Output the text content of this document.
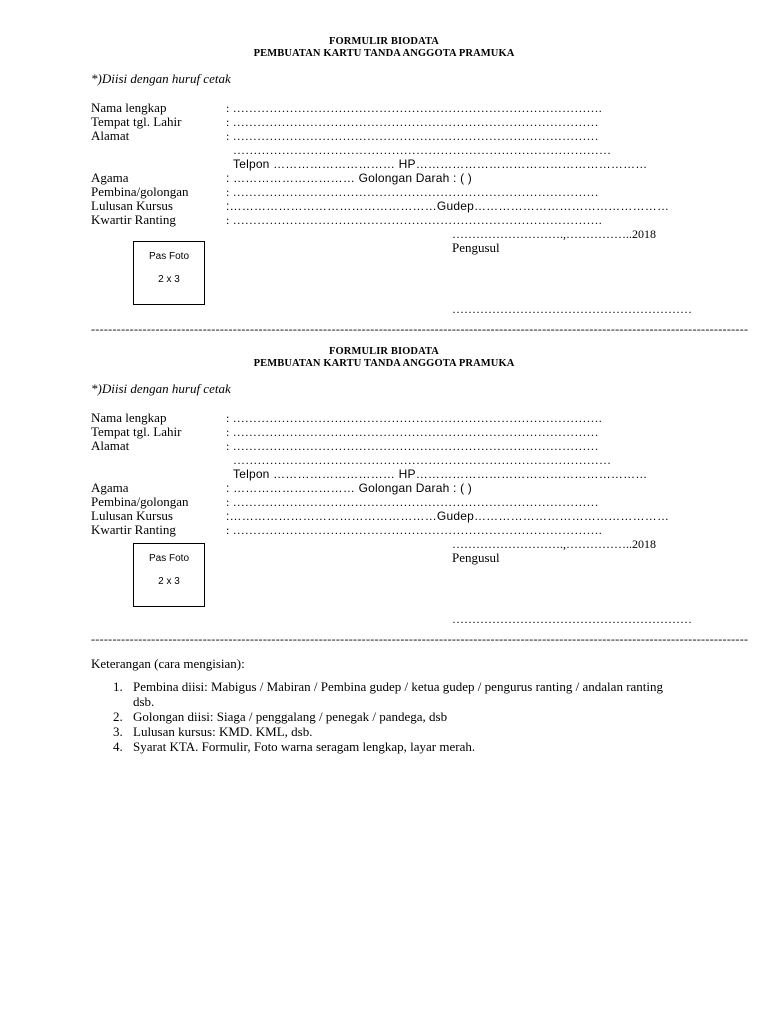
FORMULIR BIODATA
PEMBUATAN KARTU TANDA ANGGOTA PRAMUKA
*)Diisi dengan huruf cetak
Nama lengkap	: ……………………………………………………………………………….
Tempat tgl. Lahir	: ………………………………………………………………………………
Alamat	: ………………………………………………………………………………
…………………………………………………………………………………
Telpon ………………………… HP…………………………………………………
Agama	: ………………………… Golongan Darah : ( )
Pembina/golongan	: ………………………………………………………………………………
Lulusan Kursus	:……………………………………………Gudep…………………………………………
Kwartir Ranting	: ……………………………………………………………………………….
Pas Foto
2 x 3
……………………….,……………..2018
Pengusul
……………………………………………………
---------------------------------------------------------------------------------------------------------------------------------------------------------
FORMULIR BIODATA
PEMBUATAN KARTU TANDA ANGGOTA PRAMUKA
*)Diisi dengan huruf cetak
Nama lengkap	: ……………………………………………………………………………….
Tempat tgl. Lahir	: ………………………………………………………………………………
Alamat	: ………………………………………………………………………………
…………………………………………………………………………………
Telpon ………………………… HP…………………………………………………
Agama	: ………………………… Golongan Darah : ( )
Pembina/golongan	: ………………………………………………………………………………
Lulusan Kursus	:……………………………………………Gudep…………………………………………
Kwartir Ranting	: ……………………………………………………………………………….
Pas Foto
2 x 3
……………………….,……………..2018
Pengusul
……………………………………………………
---------------------------------------------------------------------------------------------------------------------------------------------------------
Keterangan (cara mengisian):
1. Pembina diisi: Mabigus / Mabiran / Pembina gudep / ketua gudep / pengurus ranting / andalan ranting dsb.
2. Golongan diisi: Siaga / penggalang / penegak / pandega, dsb
3. Lulusan kursus: KMD. KML, dsb.
4. Syarat KTA. Formulir, Foto warna seragam lengkap, layar merah.
